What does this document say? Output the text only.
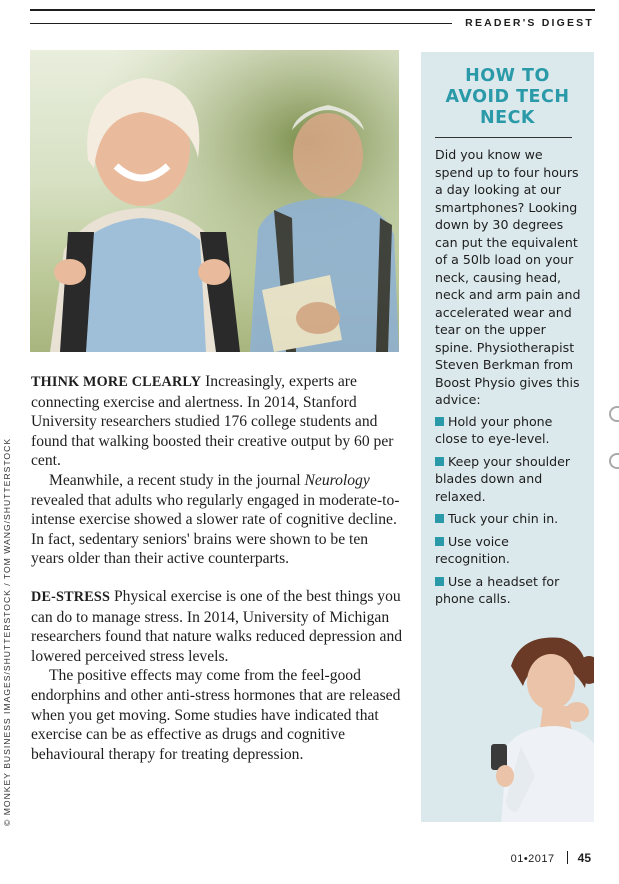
READER'S DIGEST
© MONKEY BUSINESS IMAGES/SHUTTERSTOCK / TOM WANG/SHUTTERSTOCK

THINK MORE CLEARLY Increasingly, experts are connecting exercise and alertness. In 2014, Stanford University researchers studied 176 college students and found that walking boosted their creative output by 60 per cent.

Meanwhile, a recent study in the journal Neurology revealed that adults who regularly engaged in moderate-to-intense exercise showed a slower rate of cognitive decline. In fact, sedentary seniors' brains were shown to be ten years older than their active counterparts.

DE-STRESS Physical exercise is one of the best things you can do to manage stress. In 2014, University of Michigan researchers found that nature walks reduced depression and lowered perceived stress levels.

The positive effects may come from the feel-good endorphins and other anti-stress hormones that are released when you get moving. Some studies have indicated that exercise can be as effective as drugs and cognitive behavioural therapy for treating depression.

HOW TO AVOID TECH NECK

Did you know we spend up to four hours a day looking at our smartphones? Looking down by 30 degrees can put the equivalent of a 50lb load on your neck, causing head, neck and arm pain and accelerated wear and tear on the upper spine. Physiotherapist Steven Berkman from Boost Physio gives this advice:

Hold your phone close to eye-level.
Keep your shoulder blades down and relaxed.
Tuck your chin in.
Use voice recognition.
Use a headset for phone calls.
01•2017 45
